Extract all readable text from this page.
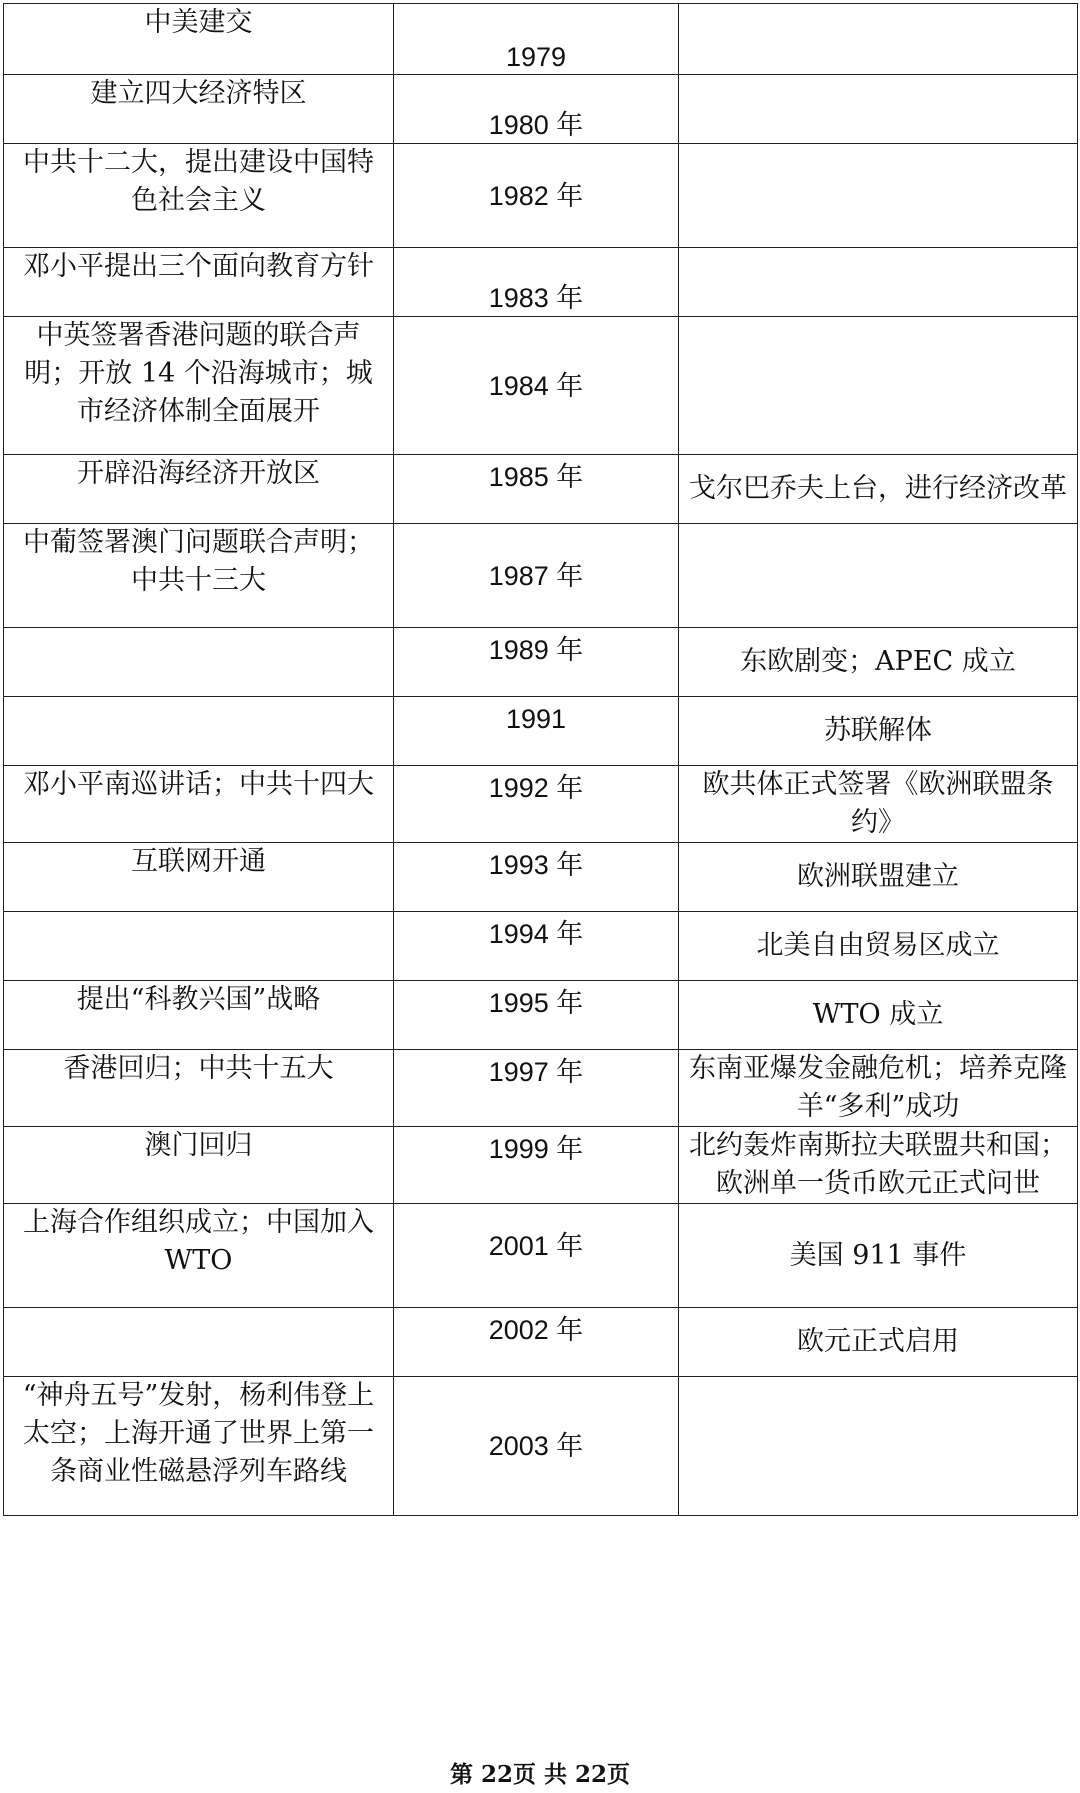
中美建交	1979	
建立四大经济特区	1980 年	
中共十二大，提出建设中国特色社会主义	1982 年	
邓小平提出三个面向教育方针	1983 年	
中英签署香港问题的联合声明；开放 14 个沿海城市；城市经济体制全面展开	1984 年	
开辟沿海经济开放区	1985 年	戈尔巴乔夫上台，进行经济改革
中葡签署澳门问题联合声明；中共十三大	1987 年	
	1989 年	东欧剧变；APEC 成立
	1991	苏联解体
邓小平南巡讲话；中共十四大	1992 年	欧共体正式签署《欧洲联盟条约》
互联网开通	1993 年	欧洲联盟建立
	1994 年	北美自由贸易区成立
提出“科教兴国”战略	1995 年	WTO 成立
香港回归；中共十五大	1997 年	东南亚爆发金融危机；培养克隆羊“多利”成功
澳门回归	1999 年	北约轰炸南斯拉夫联盟共和国；欧洲单一货币欧元正式问世
上海合作组织成立；中国加入 WTO	2001 年	美国 911 事件
	2002 年	欧元正式启用
“神舟五号”发射，杨利伟登上太空；上海开通了世界上第一条商业性磁悬浮列车路线	2003 年	
第 22页 共 22页
